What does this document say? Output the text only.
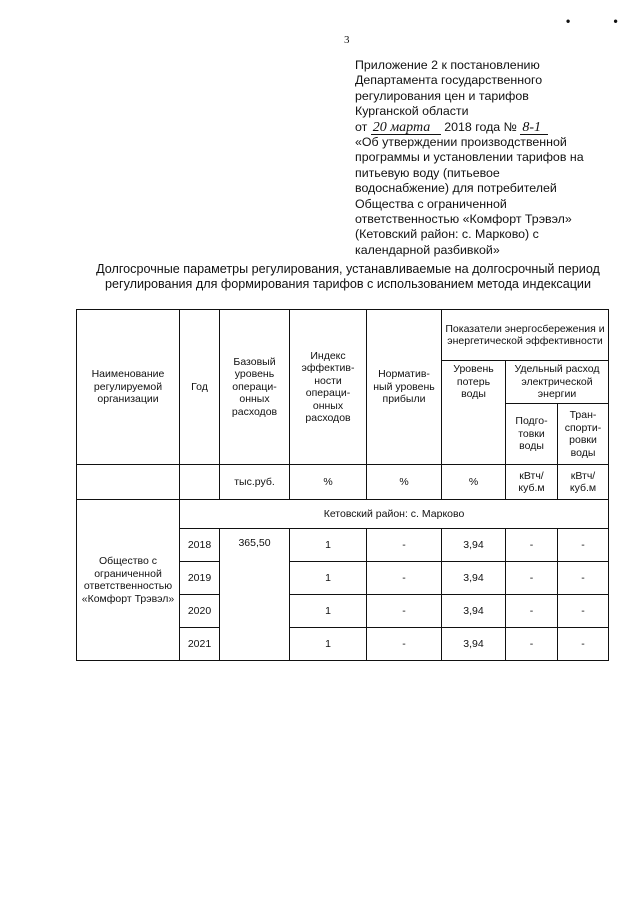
3
• •
Приложение 2 к постановлению
Департамента государственного
регулирования цен и тарифов
Курганской области
от 20 марта 2018 года № 8-1
«Об утверждении производственной
программы и установлении тарифов на
питьевую воду (питьевое
водоснабжение) для потребителей
Общества с ограниченной
ответственностью «Комфорт Трэвэл»
(Кетовский район: с. Марково) с
календарной разбивкой»
Долгосрочные параметры регулирования, устанавливаемые на долгосрочный период
регулирования для формирования тарифов с использованием метода индексации
Наименование регулируемой организации	Год	Базовый уровень операци-онных расходов	Индекс эффектив-ности операци-онных расходов	Норматив-ный уровень прибыли	Показатели энергосбережения и энергетической эффективности		
					Уровень потерь воды	Удельный расход электрической энергии	
						Подго-товки воды	Тран-спорти-ровки воды
		тыс.руб.	%	%	%	кВтч/ куб.м	кВтч/ куб.м
Общество с ограниченной ответственностью «Комфорт Трэвэл»	Кетовский район: с. Марково						
	2018	365,50	1	-	3,94	-	-
	2019		1	-	3,94	-	-
	2020		1	-	3,94	-	-
	2021		1	-	3,94	-	-
